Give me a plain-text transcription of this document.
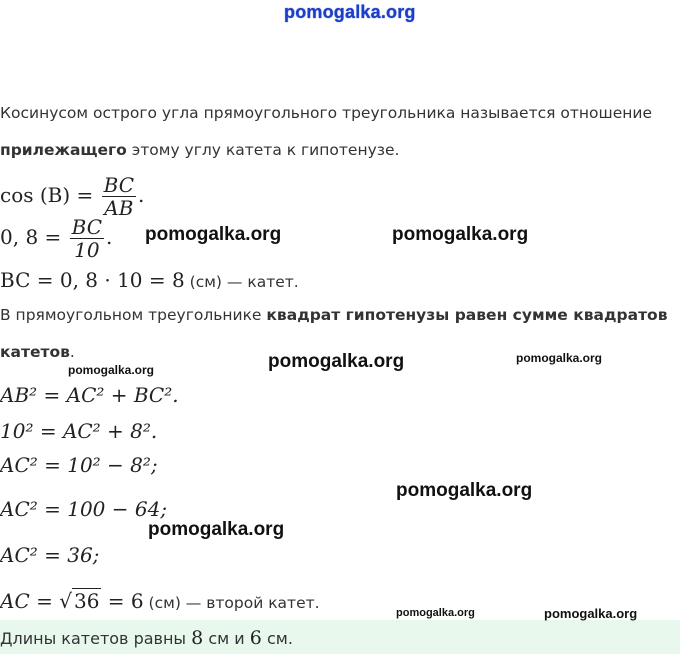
pomogalka.org
Косинусом острого угла прямоугольного треугольника называется отношение
прилежащего этому углу катета к гипотенузе.
$\cos (B) = \frac{BC}{AB}$ .
0, $8 = \frac{BC}{10}$ .
BC = 0, 8 · 10 = 8 (см) — катет.
В прямоугольном треугольнике квадрат гипотенузы равен сумме квадратов
катетов.
AB² = AC² + BC².
10² = AC² + 8².
AC² = 10² − 8²;
AC² = 100 − 64;
AC² = 36;
AC = √ 36 = 6 (см) — второй катет.
Длины катетов равны 8 см и 6 см.
pomogalka.org	pomogalka.org
pomogalka.org
pomogalka.org
pomogalka.org
pomogalka.org
pomogalka.org
pomogalka.org	pomogalka.org
